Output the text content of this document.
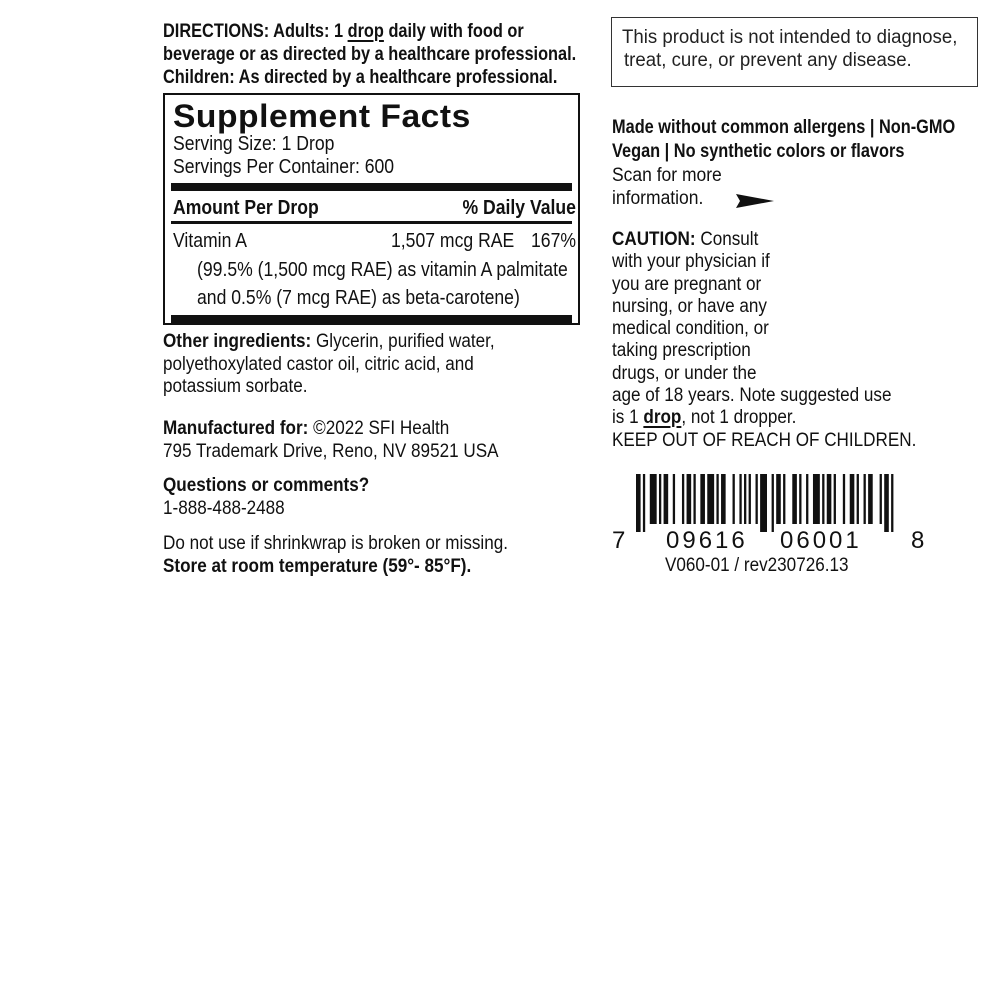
DIRECTIONS: Adults: 1 drop daily with food or
beverage or as directed by a healthcare professional.
Children: As directed by a healthcare professional.
Supplement Facts
Serving Size: 1 Drop
Servings Per Container: 600
Amount Per Drop	% Daily Value
Vitamin A	1,507 mcg RAE 167%
(99.5% (1,500 mcg RAE) as vitamin A palmitate
and 0.5% (7 mcg RAE) as beta-carotene)
Other ingredients: Glycerin, purified water,
polyethoxylated castor oil, citric acid, and
potassium sorbate.
Manufactured for: ©2022 SFI Health
795 Trademark Drive, Reno, NV 89521 USA
Questions or comments?
1-888-488-2488
Do not use if shrinkwrap is broken or missing.
Store at room temperature (59°- 85°F).
This product is not intended to diagnose,
treat, cure, or prevent any disease.
Made without common allergens | Non-GMO
Vegan | No synthetic colors or flavors
Scan for more
information.
CAUTION: Consult
with your physician if
you are pregnant or
nursing, or have any
medical condition, or
taking prescription
drugs, or under the
age of 18 years. Note suggested use
is 1 drop, not 1 dropper.
KEEP OUT OF REACH OF CHILDREN.
7 09616 06001 8
V060-01 / rev230726.13
